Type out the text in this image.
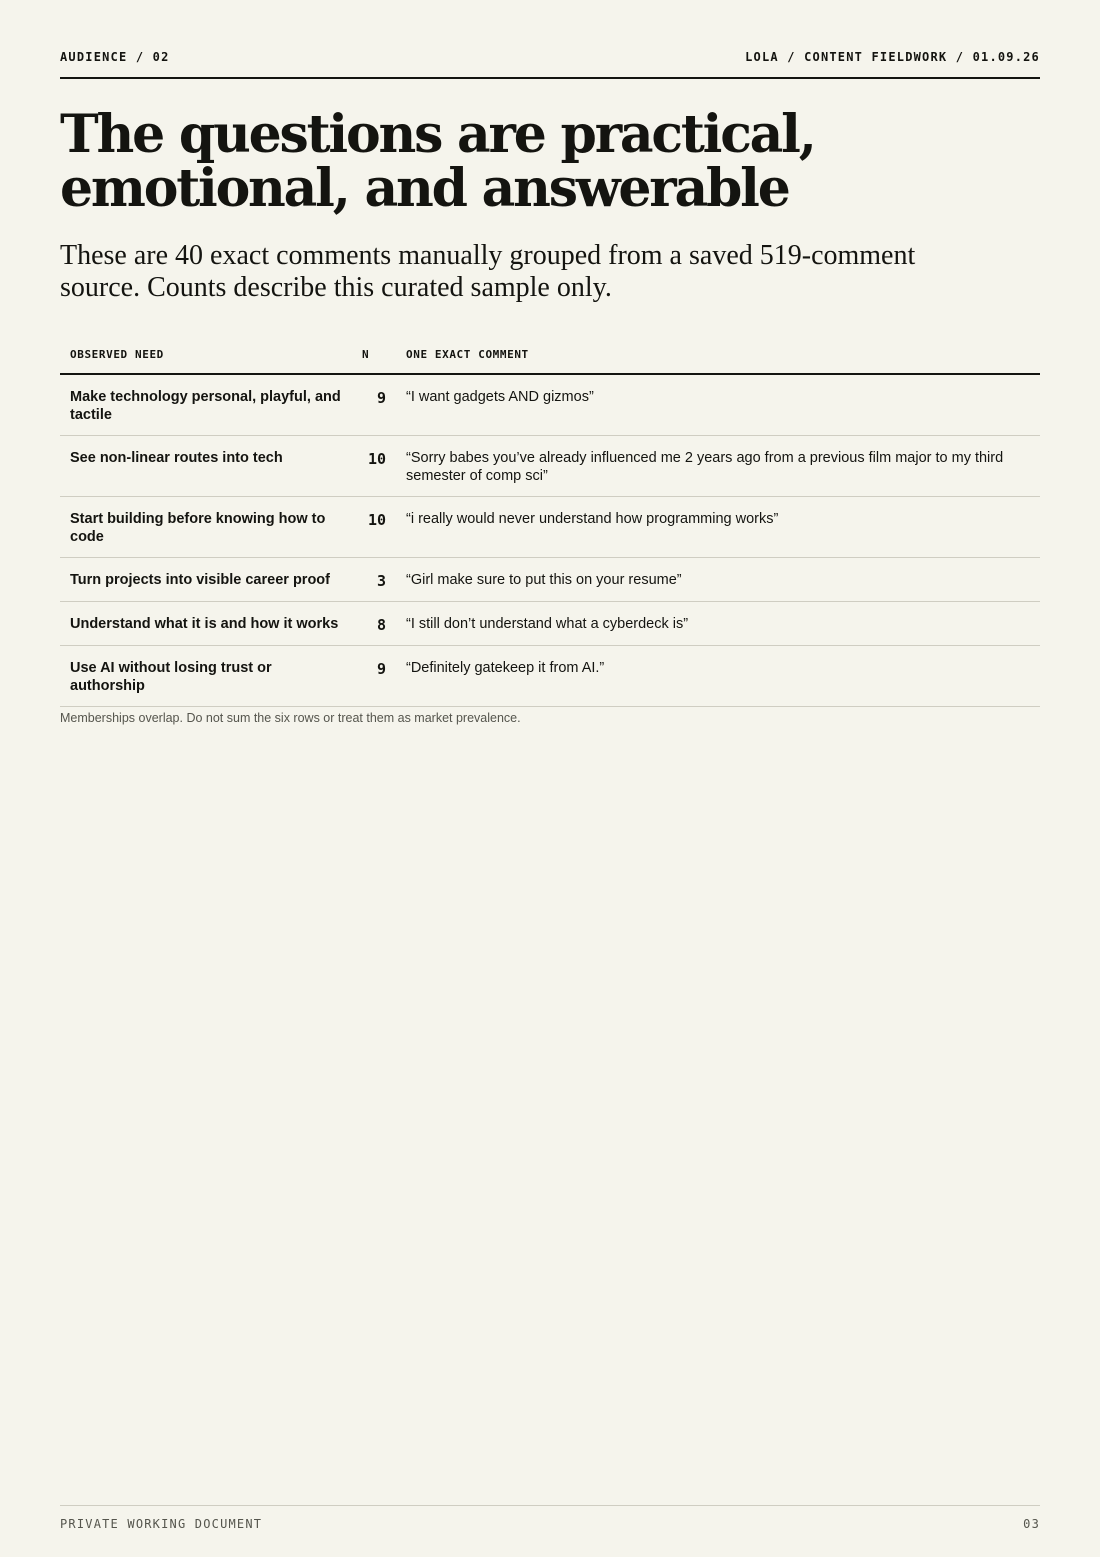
AUDIENCE / 02	LOLA / CONTENT FIELDWORK / 01.09.26
The questions are practical, emotional, and answerable

These are 40 exact comments manually grouped from a saved 519-comment source. Counts describe this curated sample only.

OBSERVED NEED	N	ONE EXACT COMMENT
Make technology personal, playful, and tactile	9	“I want gadgets AND gizmos”
See non-linear routes into tech	10	“Sorry babes you’ve already influenced me 2 years ago from a previous film major to my third semester of comp sci”
Start building before knowing how to code	10	“i really would never understand how programming works”
Turn projects into visible career proof	3	“Girl make sure to put this on your resume”
Understand what it is and how it works	8	“I still don’t understand what a cyberdeck is”
Use AI without losing trust or authorship	9	“Definitely gatekeep it from AI.”
Memberships overlap. Do not sum the six rows or treat them as market prevalence.
PRIVATE WORKING DOCUMENT	03
